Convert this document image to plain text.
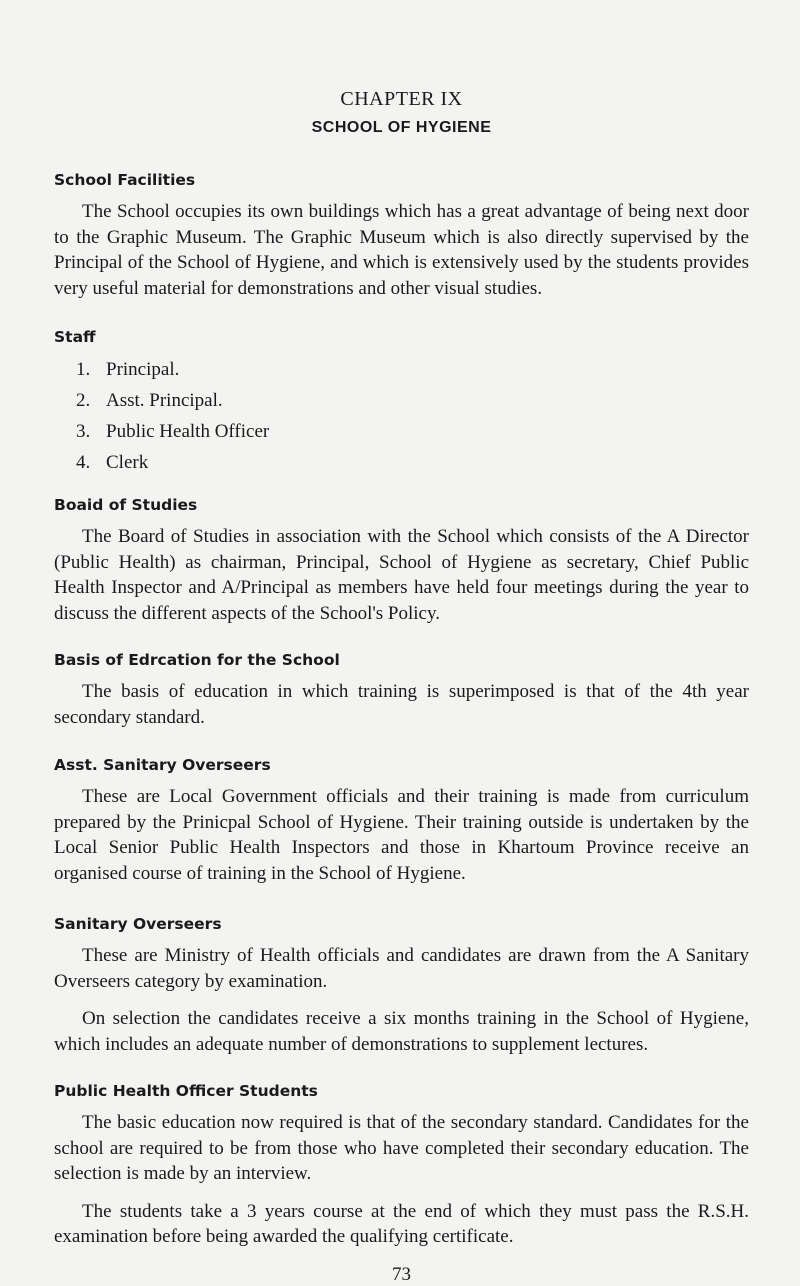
CHAPTER IX
SCHOOL OF HYGIENE
School Facilities

The School occupies its own buildings which has a great advantage of being next door to the Graphic Museum. The Graphic Museum which is also directly supervised by the Principal of the School of Hygiene, and which is extensively used by the students provides very useful material for demonstrations and other visual studies.

Staff
1. Principal.
2. Asst. Principal.
3. Public Health Officer
4. Clerk
Boaid of Studies

The Board of Studies in association with the School which consists of the A Director (Public Health) as chairman, Principal, School of Hygiene as secretary, Chief Public Health Inspector and A/Principal as members have held four meetings during the year to discuss the different aspects of the School's Policy.

Basis of Edrcation for the School

The basis of education in which training is superimposed is that of the 4th year secondary standard.

Asst. Sanitary Overseers

These are Local Government officials and their training is made from curriculum prepared by the Prinicpal School of Hygiene. Their training outside is undertaken by the Local Senior Public Health Inspectors and those in Khartoum Province receive an organised course of training in the School of Hygiene.

Sanitary Overseers

These are Ministry of Health officials and candidates are drawn from the A Sanitary Overseers category by examination.

On selection the candidates receive a six months training in the School of Hygiene, which includes an adequate number of demonstrations to supplement lectures.

Public Health Officer Students

The basic education now required is that of the secondary standard. Candidates for the school are required to be from those who have completed their secondary education. The selection is made by an interview.

The students take a 3 years course at the end of which they must pass the R.S.H. examination before being awarded the qualifying certificate.

73
